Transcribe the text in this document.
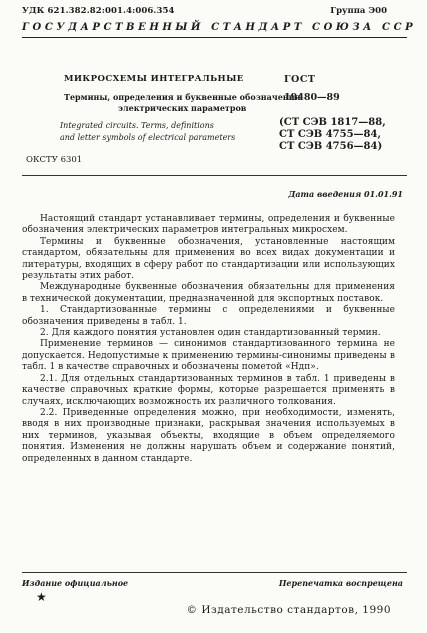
УДК 621.382.82:001.4:006.354	Группа Э00
ГОСУДАРСТВЕННЫЙ СТАНДАРТ СОЮЗА ССР
МИКРОСХЕМЫ ИНТЕГРАЛЬНЫЕ
Термины, определения и буквенные обозначения
электрических параметров
Integrated circuits. Terms, definitions
and letter symbols of electrical parameters
ГОСТ
19480—89
(СТ СЭВ 1817—88,
СТ СЭВ 4755—84,
СТ СЭВ 4756—84)
ОКСТУ 6301
Дата введения 01.01.91

Настоящий стандарт устанавливает термины, определения и буквенные обозначения электрических параметров интегральных микросхем.

Термины и буквенные обозначения, установленные настоящим стандартом, обязательны для применения во всех видах документации и литературы, входящих в сферу работ по стандартизации или использующих результаты этих работ.

Международные буквенные обозначения обязательны для применения в технической документации, предназначенной для экспортных поставок.

1. Стандартизованные термины с определениями и буквенные обозначения приведены в табл. 1.

2. Для каждого понятия установлен один стандартизованный термин.

Применение терминов — синонимов стандартизованного термина не допускается. Недопустимые к применению термины-синонимы приведены в табл. 1 в качестве справочных и обозначены пометой «Ндп».

2.1. Для отдельных стандартизованных терминов в табл. 1 приведены в качестве справочных краткие формы, которые разрешается применять в случаях, исключающих возможность их различного толкования.

2.2. Приведенные определения можно, при необходимости, изменять, вводя в них производные признаки, раскрывая значения используемых в них терминов, указывая объекты, входящие в объем определяемого понятия. Изменения не должны нарушать объем и содержание понятий, определенных в данном стандарте.

Издание официальное	Перепечатка воспрещена
★
© Издательство стандартов, 1990
